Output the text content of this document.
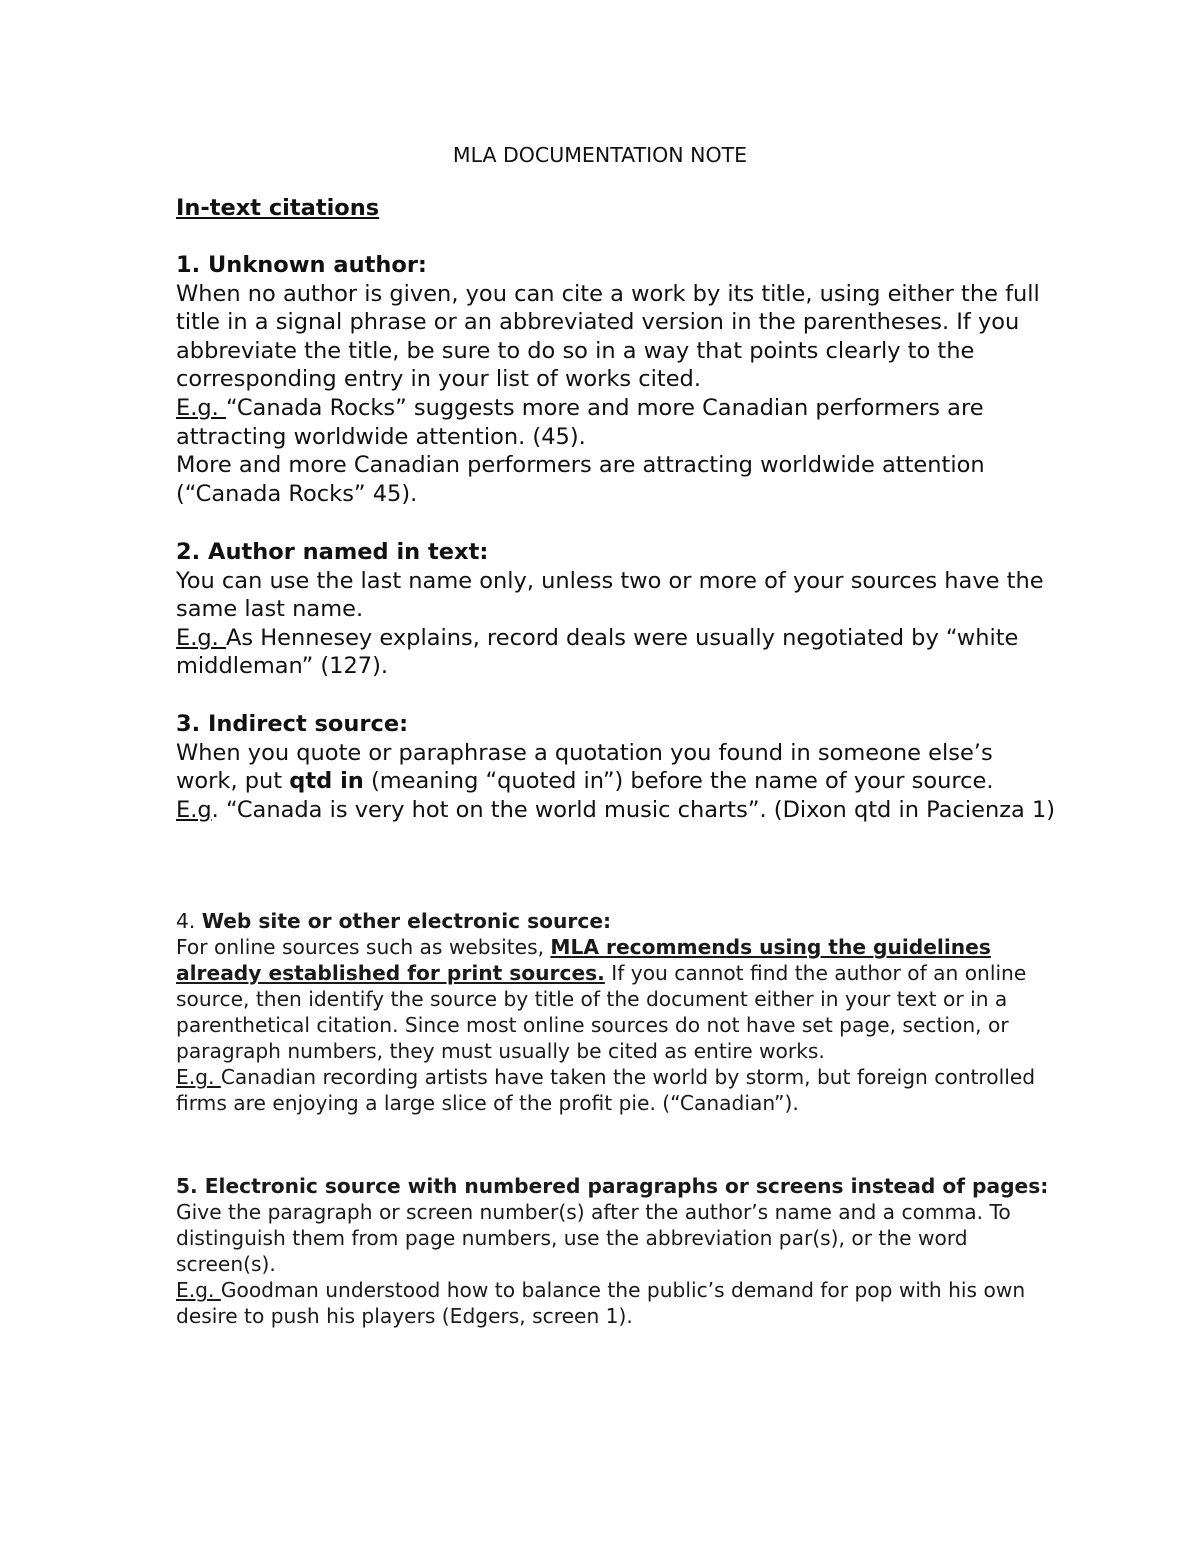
MLA DOCUMENTATION NOTE

In-text citations

1. Unknown author:

When no author is given, you can cite a work by its title, using either the full title in a signal phrase or an abbreviated version in the parentheses. If you abbreviate the title, be sure to do so in a way that points clearly to the corresponding entry in your list of works cited.

E.g. “Canada Rocks” suggests more and more Canadian performers are attracting worldwide attention. (45).

More and more Canadian performers are attracting worldwide attention (“Canada Rocks” 45).

2. Author named in text:

You can use the last name only, unless two or more of your sources have the same last name.

E.g. As Hennesey explains, record deals were usually negotiated by “white middleman” (127).

3. Indirect source:

When you quote or paraphrase a quotation you found in someone else’s work, put qtd in (meaning “quoted in”) before the name of your source.

E.g. “Canada is very hot on the world music charts”. (Dixon qtd in Pacienza 1)

4. Web site or other electronic source:

For online sources such as websites, MLA recommends using the guidelines already established for print sources. If you cannot find the author of an online source, then identify the source by title of the document either in your text or in a parenthetical citation. Since most online sources do not have set page, section, or paragraph numbers, they must usually be cited as entire works.

E.g. Canadian recording artists have taken the world by storm, but foreign controlled firms are enjoying a large slice of the profit pie. (“Canadian”).

5. Electronic source with numbered paragraphs or screens instead of pages:

Give the paragraph or screen number(s) after the author’s name and a comma. To distinguish them from page numbers, use the abbreviation par(s), or the word screen(s).

E.g. Goodman understood how to balance the public’s demand for pop with his own desire to push his players (Edgers, screen 1).
